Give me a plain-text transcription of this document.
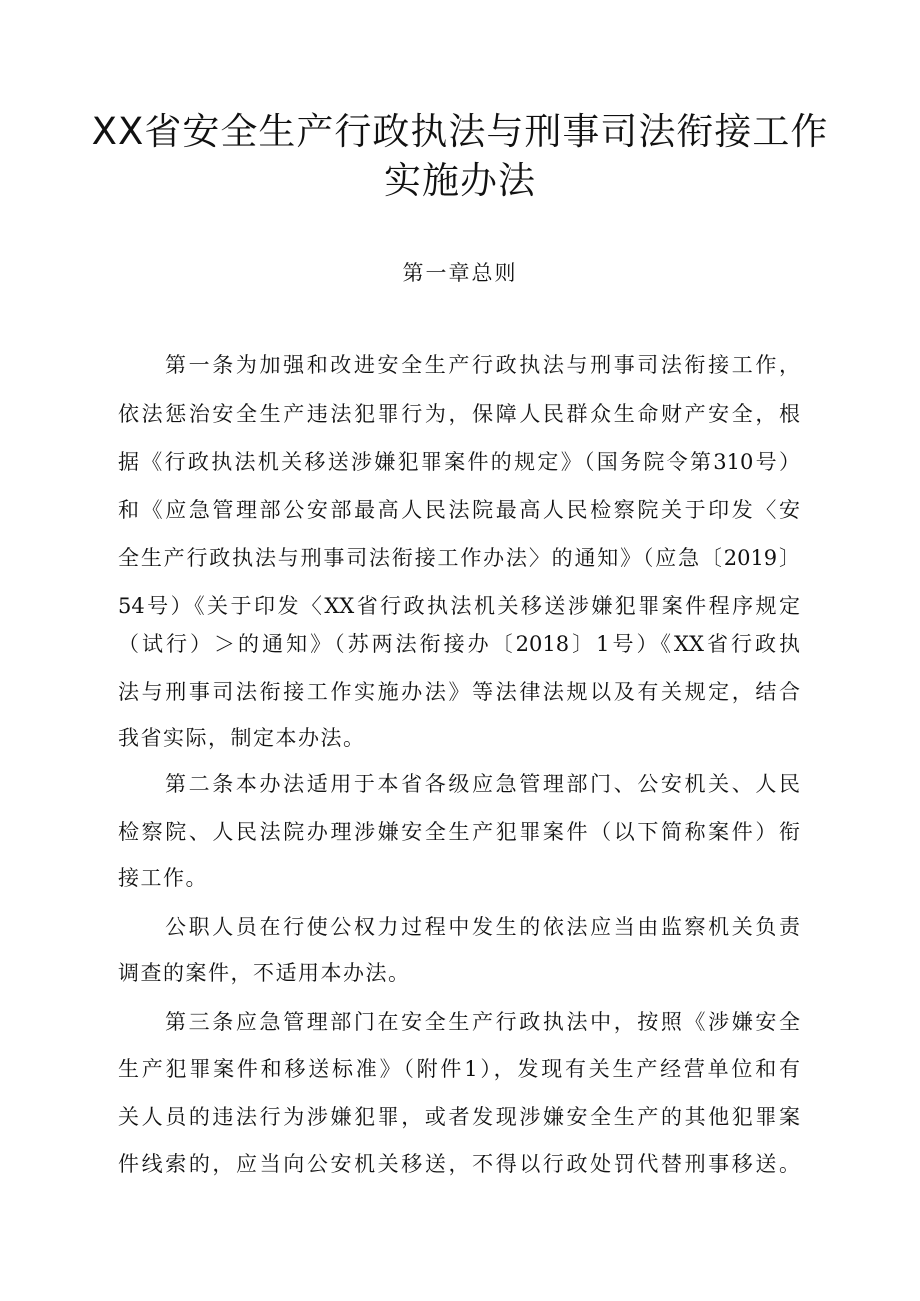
XX省安全生产行政执法与刑事司法衔接工作
实施办法
第一章总则
第一条为加强和改进安全生产行政执法与刑事司法衔接工作，
依法惩治安全生产违法犯罪行为，保障人民群众生命财产安全，根
据《行政执法机关移送涉嫌犯罪案件的规定》（国务院令第310号）
和《应急管理部公安部最高人民法院最高人民检察院关于印发〈安
全生产行政执法与刑事司法衔接工作办法〉的通知》（应急〔2019〕
54号）《关于印发〈XX省行政执法机关移送涉嫌犯罪案件程序规定
（试行）＞的通知》（苏两法衔接办〔2018〕1号）《XX省行政执
法与刑事司法衔接工作实施办法》等法律法规以及有关规定，结合
我省实际，制定本办法。
第二条本办法适用于本省各级应急管理部门、公安机关、人民
检察院、人民法院办理涉嫌安全生产犯罪案件（以下简称案件）衔
接工作。
公职人员在行使公权力过程中发生的依法应当由监察机关负责
调查的案件，不适用本办法。
第三条应急管理部门在安全生产行政执法中，按照《涉嫌安全
生产犯罪案件和移送标准》（附件1），发现有关生产经营单位和有
关人员的违法行为涉嫌犯罪，或者发现涉嫌安全生产的其他犯罪案
件线索的，应当向公安机关移送，不得以行政处罚代替刑事移送。
